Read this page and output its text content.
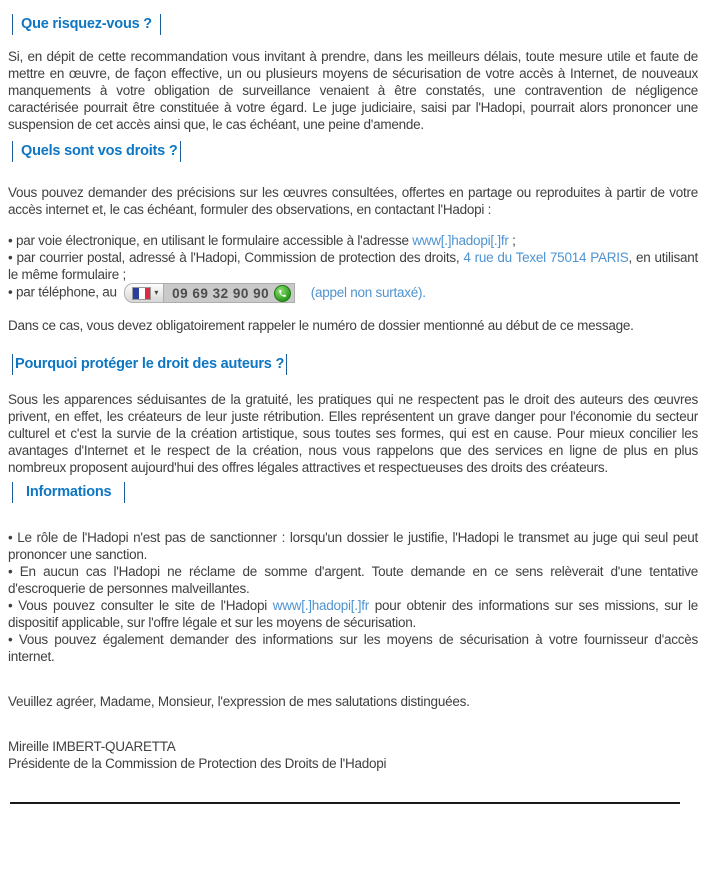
Que risquez-vous ?

Si, en dépit de cette recommandation vous invitant à prendre, dans les meilleurs délais, toute mesure utile et faute de mettre en œuvre, de façon effective, un ou plusieurs moyens de sécurisation de votre accès à Internet, de nouveaux manquements à votre obligation de surveillance venaient à être constatés, une contravention de négligence caractérisée pourrait être constituée à votre égard. Le juge judiciaire, saisi par l'Hadopi, pourrait alors prononcer une suspension de cet accès ainsi que, le cas échéant, une peine d'amende.

Quels sont vos droits ?

Vous pouvez demander des précisions sur les œuvres consultées, offertes en partage ou reproduites à partir de votre accès internet et, le cas échéant, formuler des observations, en contactant l'Hadopi :

• par voie électronique, en utilisant le formulaire accessible à l'adresse www[.]hadopi[.]fr ;
• par courrier postal, adressé à l'Hadopi, Commission de protection des droits, 4 rue du Texel 75014 PARIS, en utilisant le même formulaire ;
• par téléphone, au	▾ 09 69 32 90 90	(appel non surtaxé).

Dans ce cas, vous devez obligatoirement rappeler le numéro de dossier mentionné au début de ce message.

Pourquoi protéger le droit des auteurs ?

Sous les apparences séduisantes de la gratuité, les pratiques qui ne respectent pas le droit des auteurs des œuvres privent, en effet, les créateurs de leur juste rétribution. Elles représentent un grave danger pour l'économie du secteur culturel et c'est la survie de la création artistique, sous toutes ses formes, qui est en cause. Pour mieux concilier les avantages d'Internet et le respect de la création, nous vous rappelons que des services en ligne de plus en plus nombreux proposent aujourd'hui des offres légales attractives et respectueuses des droits des créateurs.

Informations
• Le rôle de l'Hadopi n'est pas de sanctionner : lorsqu'un dossier le justifie, l'Hadopi le transmet au juge qui seul peut prononcer une sanction.
• En aucun cas l'Hadopi ne réclame de somme d'argent. Toute demande en ce sens relèverait d'une tentative d'escroquerie de personnes malveillantes.
• Vous pouvez consulter le site de l'Hadopi www[.]hadopi[.]fr pour obtenir des informations sur ses missions, sur le dispositif applicable, sur l'offre légale et sur les moyens de sécurisation.
• Vous pouvez également demander des informations sur les moyens de sécurisation à votre fournisseur d'accès internet.

Veuillez agréer, Madame, Monsieur, l'expression de mes salutations distinguées.

Mireille IMBERT-QUARETTA
Présidente de la Commission de Protection des Droits de l'Hadopi
